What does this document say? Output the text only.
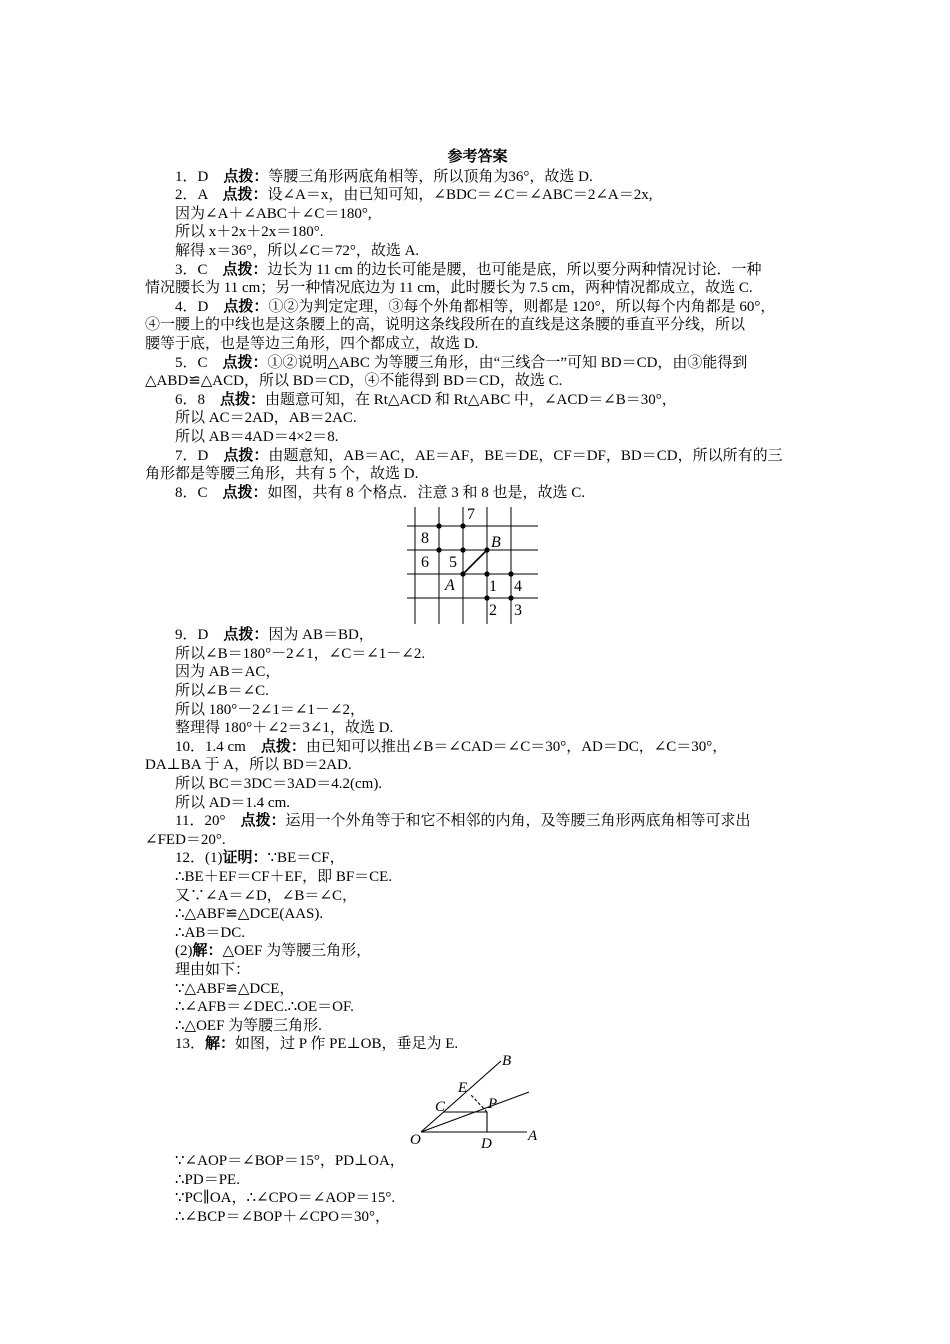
参考答案
1．D　点拨：等腰三角形两底角相等，所以顶角为36°，故选 D.
2．A　点拨：设∠A＝x，由已知可知，∠BDC＝∠C＝∠ABC＝2∠A＝2x,
因为∠A＋∠ABC＋∠C＝180°,
所以 x＋2x＋2x＝180°.
解得 x＝36°，所以∠C＝72°，故选 A.
3．C　点拨：边长为 11 cm 的边长可能是腰，也可能是底，所以要分两种情况讨论．一种
情况腰长为 11 cm；另一种情况底边为 11 cm，此时腰长为 7.5 cm，两种情况都成立，故选 C.
4．D　点拨：①②为判定定理，③每个外角都相等，则都是 120°，所以每个内角都是 60°，
④一腰上的中线也是这条腰上的高，说明这条线段所在的直线是这条腰的垂直平分线，所以
腰等于底，也是等边三角形，四个都成立，故选 D.
5．C　点拨：①②说明△ABC 为等腰三角形，由“三线合一”可知 BD＝CD，由③能得到
△ABD≌△ACD，所以 BD＝CD，④不能得到 BD＝CD，故选 C.
6．8　点拨：由题意可知，在 Rt△ACD 和 Rt△ABC 中，∠ACD＝∠B＝30°，
所以 AC＝2AD，AB＝2AC.
所以 AB＝4AD＝4×2＝8.
7．D　点拨：由题意知，AB＝AC，AE＝AF，BE＝DE，CF＝DF，BD＝CD，所以所有的三
角形都是等腰三角形，共有 5 个，故选 D.
8．C　点拨：如图，共有 8 个格点．注意 3 和 8 也是，故选 C.
8
7
6 5
B
A 1 4
2 3
9．D　点拨：因为 AB＝BD，
所以∠B＝180°－2∠1，∠C＝∠1－∠2.
因为 AB＝AC，
所以∠B＝∠C.
所以 180°－2∠1＝∠1－∠2，
整理得 180°＋∠2＝3∠1，故选 D.
10．1.4 cm　点拨：由已知可以推出∠B＝∠CAD＝∠C＝30°，AD＝DC，∠C＝30°，
DA⊥BA 于 A，所以 BD＝2AD.
所以 BC＝3DC＝3AD＝4.2(cm).
所以 AD＝1.4 cm.
11．20°　点拨：运用一个外角等于和它不相邻的内角，及等腰三角形两底角相等可求出
∠FED＝20°.
12．(1)证明：∵BE＝CF，
∴BE＋EF＝CF＋EF，即 BF＝CE.
又∵∠A＝∠D，∠B＝∠C，
∴△ABF≌△DCE(AAS).
∴AB＝DC.
(2)解：△OEF 为等腰三角形，
理由如下：
∵△ABF≌△DCE，
∴∠AFB＝∠DEC.∴OE＝OF.
∴△OEF 为等腰三角形.
13．解：如图，过 P 作 PE⊥OB，垂足为 E.
B
E
P
C
O	D A
∵∠AOP＝∠BOP＝15°，PD⊥OA，
∴PD＝PE.
∵PC∥OA，∴∠CPO＝∠AOP＝15°.
∴∠BCP＝∠BOP＋∠CPO＝30°，
